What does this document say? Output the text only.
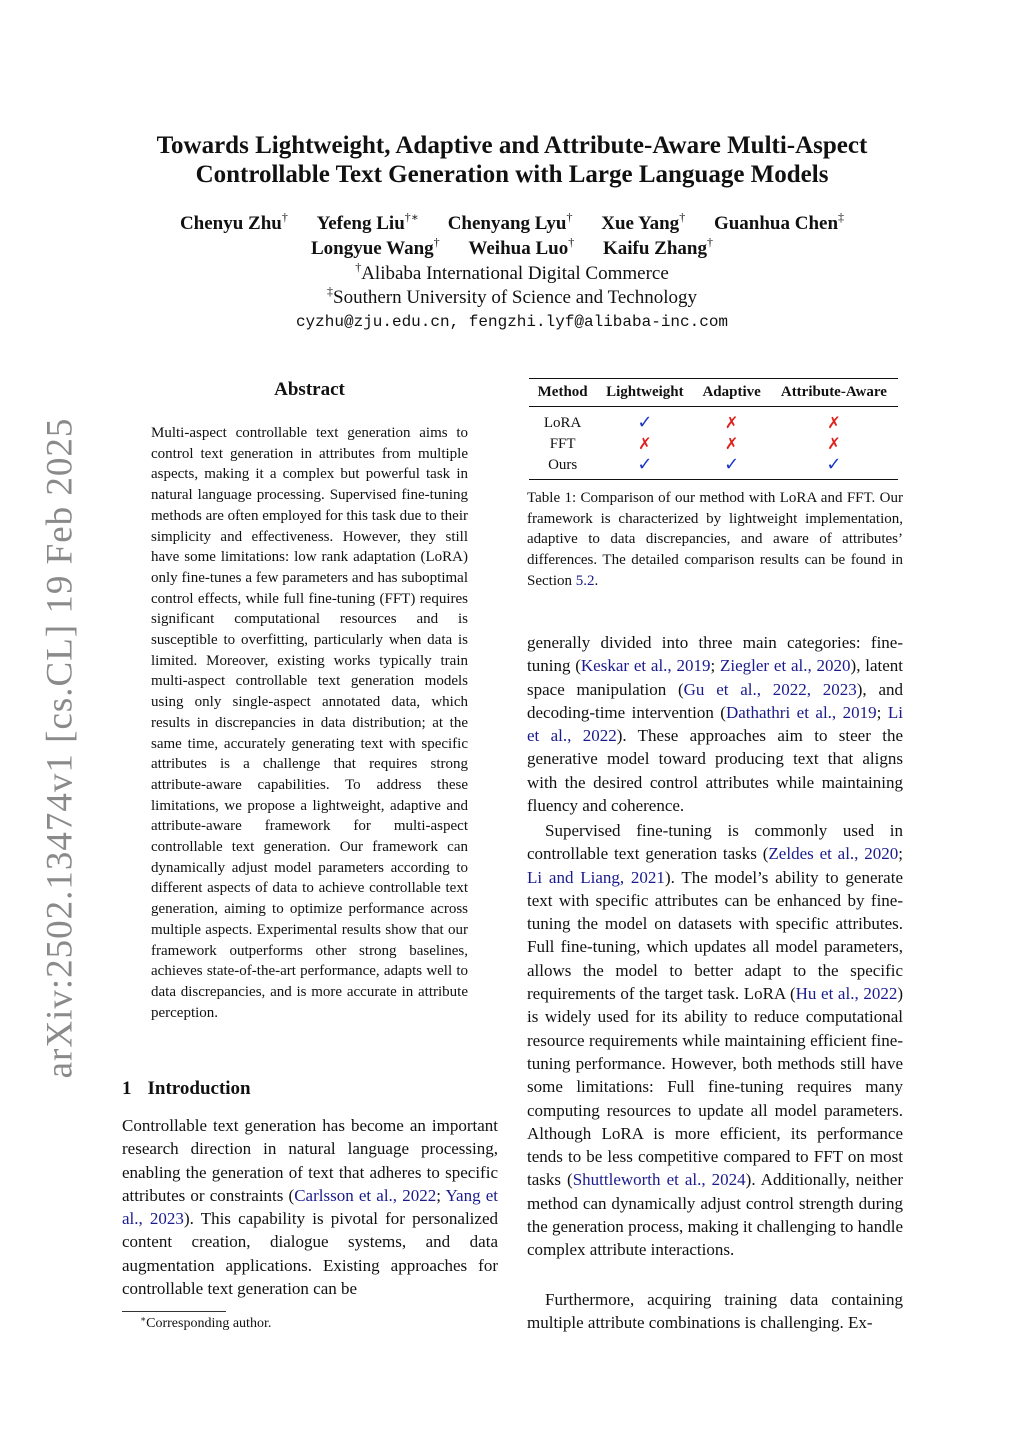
arXiv:2502.13474v1 [cs.CL] 19 Feb 2025
Towards Lightweight, Adaptive and Attribute-Aware Multi-Aspect
Controllable Text Generation with Large Language Models
Chenyu Zhu† Yefeng Liu†∗ Chenyang Lyu† Xue Yang† Guanhua Chen‡
Longyue Wang† Weihua Luo† Kaifu Zhang†
†Alibaba International Digital Commerce
‡Southern University of Science and Technology
cyzhu@zju.edu.cn, fengzhi.lyf@alibaba-inc.com
Abstract
Multi-aspect controllable text generation aims to control text generation in attributes from multiple aspects, making it a complex but powerful task in natural language processing. Supervised fine-tuning methods are often employed for this task due to their simplicity and effectiveness. However, they still have some limitations: low rank adaptation (LoRA) only fine-tunes a few parameters and has suboptimal control effects, while full fine-tuning (FFT) requires significant computational resources and is susceptible to overfitting, particularly when data is limited. Moreover, existing works typically train multi-aspect controllable text generation models using only single-aspect annotated data, which results in discrepancies in data distribution; at the same time, accurately generating text with specific attributes is a challenge that requires strong attribute-aware capabilities. To address these limitations, we propose a lightweight, adaptive and attribute-aware framework for multi-aspect controllable text generation. Our framework can dynamically adjust model parameters according to different aspects of data to achieve controllable text generation, aiming to optimize performance across multiple aspects. Experimental results show that our framework outperforms other strong baselines, achieves state-of-the-art performance, adapts well to data discrepancies, and is more accurate in attribute perception.
1 Introduction
Controllable text generation has become an important research direction in natural language processing, enabling the generation of text that adheres to specific attributes or constraints (Carlsson et al., 2022; Yang et al., 2023). This capability is pivotal for personalized content creation, dialogue systems, and data augmentation applications. Existing approaches for controllable text generation can be
∗Corresponding author.
Method	Lightweight	Adaptive	Attribute-Aware
LoRA	✓	✗	✗
FFT	✗	✗	✗
Ours	✓	✓	✓
Table 1: Comparison of our method with LoRA and FFT. Our framework is characterized by lightweight implementation, adaptive to data discrepancies, and aware of attributes’ differences. The detailed comparison results can be found in Section 5.2.
generally divided into three main categories: fine-tuning (Keskar et al., 2019; Ziegler et al., 2020), latent space manipulation (Gu et al., 2022, 2023), and decoding-time intervention (Dathathri et al., 2019; Li et al., 2022). These approaches aim to steer the generative model toward producing text that aligns with the desired control attributes while maintaining fluency and coherence.
Supervised fine-tuning is commonly used in controllable text generation tasks (Zeldes et al., 2020; Li and Liang, 2021). The model’s ability to generate text with specific attributes can be enhanced by fine-tuning the model on datasets with specific attributes. Full fine-tuning, which updates all model parameters, allows the model to better adapt to the specific requirements of the target task. LoRA (Hu et al., 2022) is widely used for its ability to reduce computational resource requirements while maintaining efficient fine-tuning performance. However, both methods still have some limitations: Full fine-tuning requires many computing resources to update all model parameters. Although LoRA is more efficient, its performance tends to be less competitive compared to FFT on most tasks (Shuttleworth et al., 2024). Additionally, neither method can dynamically adjust control strength during the generation process, making it challenging to handle complex attribute interactions.
Furthermore, acquiring training data containing multiple attribute combinations is challenging. Ex-
